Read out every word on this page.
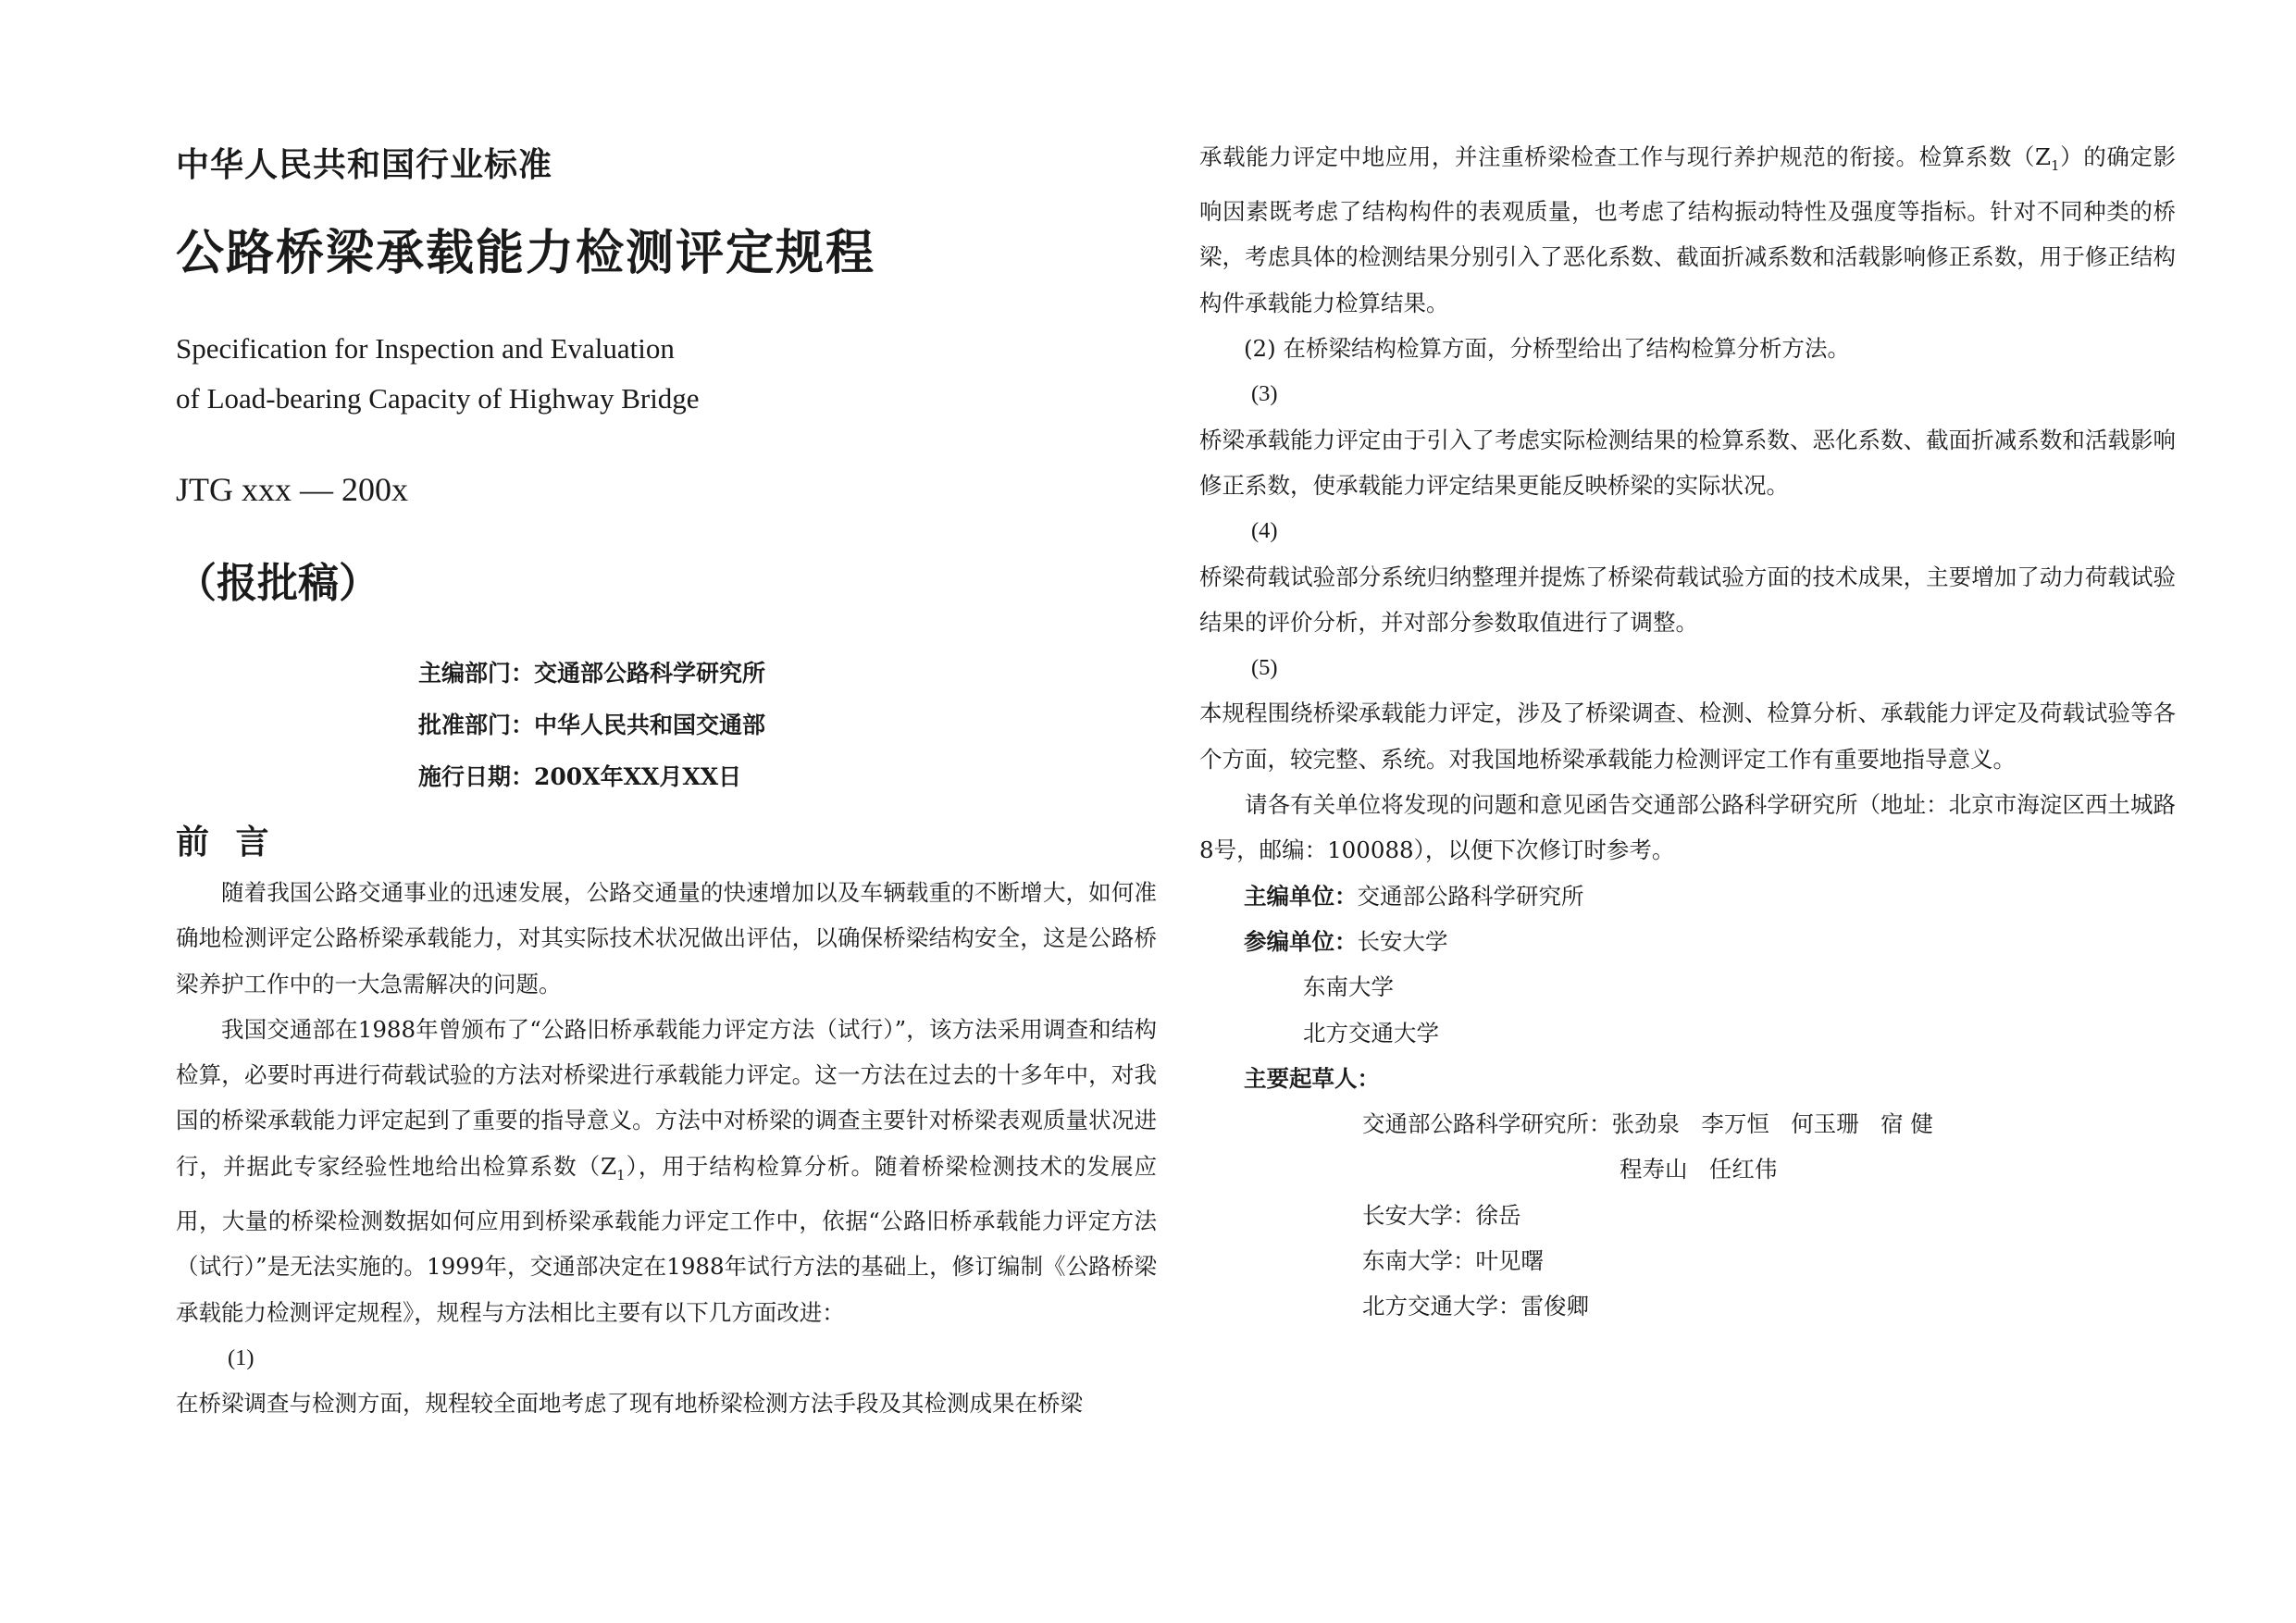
中华人民共和国行业标准

公路桥梁承载能力检测评定规程

Specification for Inspection and Evaluation

of Load-bearing Capacity of Highway Bridge

JTG xxx — 200x

（报批稿）

主编部门：交通部公路科学研究所

批准部门：中华人民共和国交通部

施行日期：200X年XX月XX日

前 言

随着我国公路交通事业的迅速发展，公路交通量的快速增加以及车辆载重的不断增大，如何准确地检测评定公路桥梁承载能力，对其实际技术状况做出评估，以确保桥梁结构安全，这是公路桥梁养护工作中的一大急需解决的问题。

我国交通部在1988年曾颁布了“公路旧桥承载能力评定方法（试行）”，该方法采用调查和结构检算，必要时再进行荷载试验的方法对桥梁进行承载能力评定。这一方法在过去的十多年中，对我国的桥梁承载能力评定起到了重要的指导意义。方法中对桥梁的调查主要针对桥梁表观质量状况进行，并据此专家经验性地给出检算系数$(Z_1)$，用于结构检算分析。随着桥梁检测技术的发展应用，大量的桥梁检测数据如何应用到桥梁承载能力评定工作中，依据“公路旧桥承载能力评定方法（试行）”是无法实施的。1999年，交通部决定在1988年试行方法的基础上，修订编制《公路桥梁承载能力检测评定规程》，规程与方法相比主要有以下几方面改进：

(1)

在桥梁调查与检测方面，规程较全面地考虑了现有地桥梁检测方法手段及其检测成果在桥梁

承载能力评定中地应用，并注重桥梁检查工作与现行养护规范的衔接。检算系数$(Z_1)$的确定影响因素既考虑了结构构件的表观质量，也考虑了结构振动特性及强度等指标。针对不同种类的桥梁，考虑具体的检测结果分别引入了恶化系数、截面折减系数和活载影响修正系数，用于修正结构构件承载能力检算结果。

(2) 在桥梁结构检算方面，分桥型给出了结构检算分析方法。

(3)

桥梁承载能力评定由于引入了考虑实际检测结果的检算系数、恶化系数、截面折减系数和活载影响修正系数，使承载能力评定结果更能反映桥梁的实际状况。

(4)

桥梁荷载试验部分系统归纳整理并提炼了桥梁荷载试验方面的技术成果，主要增加了动力荷载试验结果的评价分析，并对部分参数取值进行了调整。

(5)

本规程围绕桥梁承载能力评定，涉及了桥梁调查、检测、检算分析、承载能力评定及荷载试验等各个方面，较完整、系统。对我国地桥梁承载能力检测评定工作有重要地指导意义。

请各有关单位将发现的问题和意见函告交通部公路科学研究所（地址：北京市海淀区西土城路8号，邮编：100088），以便下次修订时参考。

主编单位：交通部公路科学研究所

参编单位：长安大学

东南大学

北方交通大学

主要起草人：

交通部公路科学研究所：张劲泉   李万恒   何玉珊   宿 健

程寿山   任红伟

长安大学：徐岳

东南大学：叶见曙

北方交通大学：雷俊卿
